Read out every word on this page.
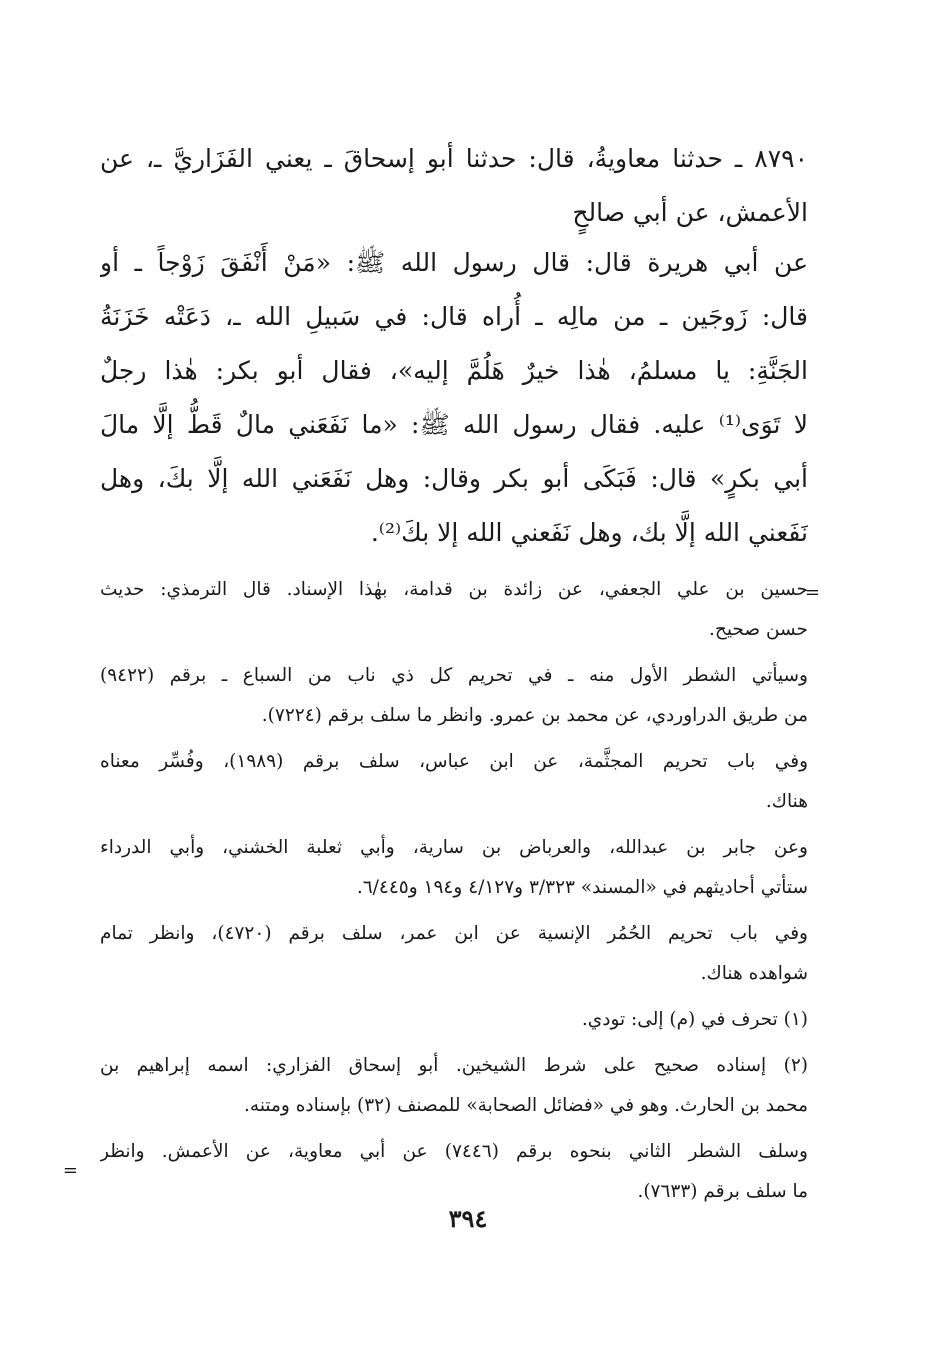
٨٧٩٠ ـ حدثنا معاويةُ، قال: حدثنا أبو إسحاقَ ـ يعني الفَزَاريَّ ـ، عن
الأعمش، عن أبي صالحٍ
عن أبي هريرة قال: قال رسول الله ﷺ: «مَنْ أَنْفَقَ زَوْجاً ـ أو
قال: زَوجَين ـ من مالِه ـ أُراه قال: في سَبيلِ الله ـ، دَعَتْه خَزَنَةُ
الجَنَّةِ: يا مسلمُ، هٰذا خيرٌ هَلُمَّ إليه»، فقال أبو بكر: هٰذا رجلٌ
لا تَوَى⁽¹⁾ عليه. فقال رسول الله ﷺ: «ما نَفَعَني مالٌ قَطُّ إلَّا مالَ
أبي بكرٍ» قال: فَبَكَى أبو بكر وقال: وهل نَفَعَني الله إلَّا بكَ، وهل
نَفَعني الله إلَّا بك، وهل نَفَعني الله إلا بكَ⁽²⁾.
=
حسين بن علي الجعفي، عن زائدة بن قدامة، بهٰذا الإسناد. قال الترمذي: حديث
حسن صحيح.
وسيأتي الشطر الأول منه ـ في تحريم كل ذي ناب من السباع ـ برقم (٩٤٢٢)
من طريق الدراوردي، عن محمد بن عمرو. وانظر ما سلف برقم (٧٢٢٤).
وفي باب تحريم المجثَّمة، عن ابن عباس، سلف برقم (١٩٨٩)، وفُسِّر معناه
هناك.
وعن جابر بن عبدالله، والعرباض بن سارية، وأبي ثعلبة الخشني، وأبي الدرداء
ستأتي أحاديثهم في «المسند» ٣/٣٢٣ و٤/١٢٧ و١٩٤ و٦/٤٤٥.
وفي باب تحريم الحُمُر الإنسية عن ابن عمر، سلف برقم (٤٧٢٠)، وانظر تمام
شواهده هناك.
(١) تحرف في (م) إلى: تودي.
(٢) إسناده صحيح على شرط الشيخين. أبو إسحاق الفزاري: اسمه إبراهيم بن
محمد بن الحارث. وهو في «فضائل الصحابة» للمصنف (٣٢) بإسناده ومتنه.
وسلف الشطر الثاني بنحوه برقم (٧٤٤٦) عن أبي معاوية، عن الأعمش. وانظر
ما سلف برقم (٧٦٣٣).
=
٣٩٤
